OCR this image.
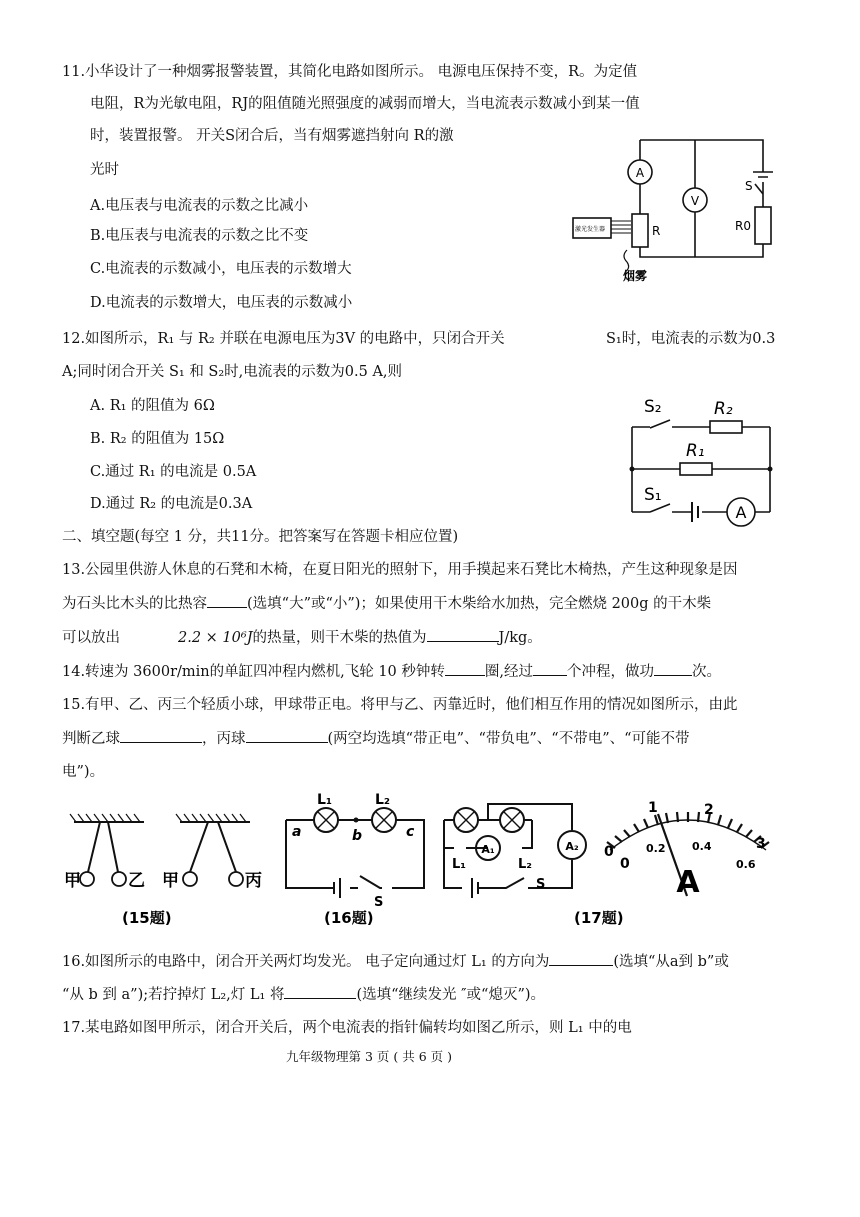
11.小华设计了一种烟雾报警装置，其简化电路如图所示。 电源电压保持不变，R。为定值
电阻，R为光敏电阻，RJ的阻值随光照强度的减弱而增大，当电流表示数减小到某一值
时，装置报警。 开关S闭合后，当有烟雾遮挡射向 R的激
光时
A.电压表与电流表的示数之比减小
B.电压表与电流表的示数之比不变
C.电流表的示数减小，电压表的示数增大
D.电流表的示数增大，电压表的示数减小
A
V
S
R	R0
激光发生器
烟雾
12.如图所示，R₁ 与 R₂ 并联在电源电压为3V 的电路中，只闭合开关	S₁时，电流表的示数为0.3
A;同时闭合开关 S₁ 和 S₂时,电流表的示数为0.5 A,则
A. R₁ 的阻值为 6Ω
B. R₂ 的阻值为 15Ω
C.通过 R₁ 的电流是 0.5A
D.通过 R₂ 的电流是0.3A
S₂	R₂
R₁
S₁
A
二、填空题(每空 1 分，共11分。把答案写在答题卡相应位置)
13.公园里供游人休息的石凳和木椅，在夏日阳光的照射下，用手摸起来石凳比木椅热，产生这种现象是因
为石头比木头的比热容	(选填“大”或“小”)；如果使用干木柴给水加热，完全燃烧 200g 的干木柴
可以放出	2.2 × 10⁶J的热量，则干木柴的热值为	J/kg。
14.转速为 3600r/min的单缸四冲程内燃机,飞轮 10 秒钟转	圈,经过 个冲程，做功	次。
15.有甲、乙、丙三个轻质小球，甲球带正电。将甲与乙、丙靠近时，他们相互作用的情况如图所示，由此
判断乙球	，丙球	(两空均选填“带正电”、“带负电”、“不带电”、“可能不带
电”)。
甲	乙 甲	丙
(15题)
L₁	L₂
a	b	c
S
(16题)
L₁	L₂
A₁	A₂
S
(17题)
0
1	2
3
0
0.2 0.4
0.6
A
16.如图所示的电路中，闭合开关两灯均发光。 电子定向通过灯 L₁ 的方向为	(选填“从a到 b”或
“从 b 到 a”);若拧掉灯 L₂,灯 L₁ 将	(选填“继续发光 ″或“熄灭”)。
17.某电路如图甲所示，闭合开关后，两个电流表的指针偏转均如图乙所示，则 L₁ 中的电
九年级物理第 3 页 ( 共 6 页 )
